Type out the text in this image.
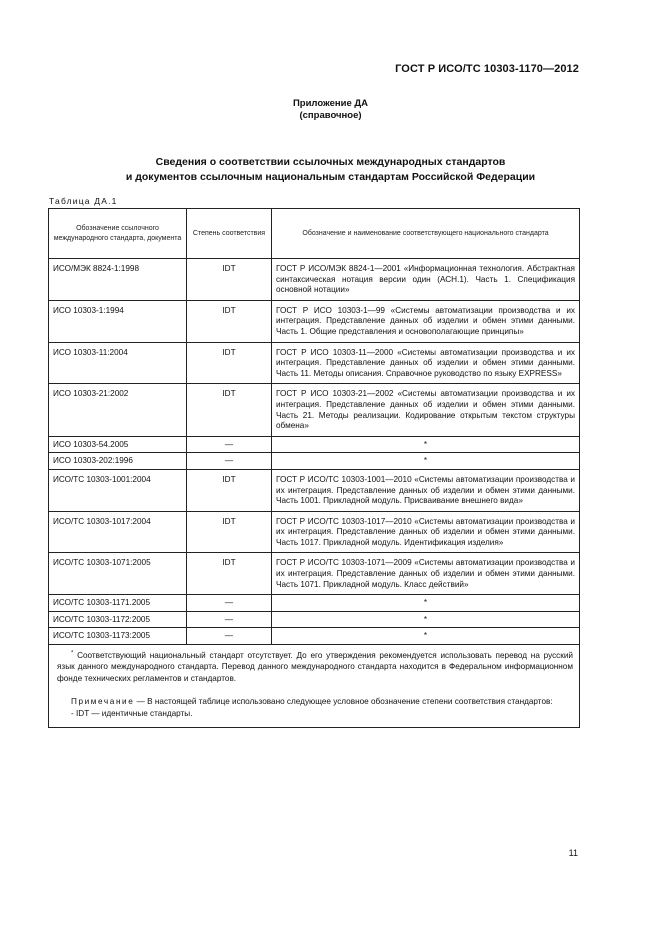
ГОСТ Р ИСО/ТС 10303-1170—2012
Приложение ДА
(справочное)
Сведения о соответствии ссылочных международных стандартов
и документов ссылочным национальным стандартам Российской Федерации
Таблица ДА.1
Обозначение ссылочного международного стандарта, документа	Степень соответствия	Обозначение и наименование соответствующего национального стандарта
ИСО/МЭК 8824-1:1998	IDT	ГОСТ Р ИСО/МЭК 8824-1—2001 «Информационная технология. Абстрактная синтаксическая нотация версии один (АСН.1). Часть 1. Спецификация основной нотации»
ИСО 10303-1:1994	IDT	ГОСТ Р ИСО 10303-1—99 «Системы автоматизации производства и их интеграция. Представление данных об изделии и обмен этими данными. Часть 1. Общие представления и основополагающие принципы»
ИСО 10303-11:2004	IDT	ГОСТ Р ИСО 10303-11—2000 «Системы автоматизации производства и их интеграция. Представление данных об изделии и обмен этими данными. Часть 11. Методы описания. Справочное руководство по языку EXPRESS»
ИСО 10303-21:2002	IDT	ГОСТ Р ИСО 10303-21—2002 «Системы автоматизации производства и их интеграция. Представление данных об изделии и обмен этими данными. Часть 21. Методы реализации. Кодирование открытым текстом структуры обмена»
ИСО 10303-54.2005	—	*
ИСО 10303-202:1996	—	*
ИСО/ТС 10303-1001:2004	IDT	ГОСТ Р ИСО/ТС 10303-1001—2010 «Системы автоматизации производства и их интеграция. Представление данных об изделии и обмен этими данными. Часть 1001. Прикладной модуль. Присваивание внешнего вида»
ИСО/ТС 10303-1017:2004	IDT	ГОСТ Р ИСО/ТС 10303-1017—2010 «Системы автоматизации производства и их интеграция. Представление данных об изделии и обмен этими данными. Часть 1017. Прикладной модуль. Идентификация изделия»
ИСО/ТС 10303-1071:2005	IDT	ГОСТ Р ИСО/ТС 10303-1071—2009 «Системы автоматизации производства и их интеграция. Представление данных об изделии и обмен этими данными. Часть 1071. Прикладной модуль. Класс действий»
ИСО/ТС 10303-1171.2005	—	*
ИСО/ТС 10303-1172:2005	—	*
ИСО/ТС 10303-1173:2005	—	*

* Соответствующий национальный стандарт отсутствует. До его утверждения рекомендуется использовать перевод на русский язык данного международного стандарта. Перевод данного международного стандарта находится в Федеральном информационном фонде технических регламентов и стандартов.

Примечание — В настоящей таблице использовано следующее условное обозначение степени соответствия стандартов:

- IDT — идентичные стандарты.		

11
